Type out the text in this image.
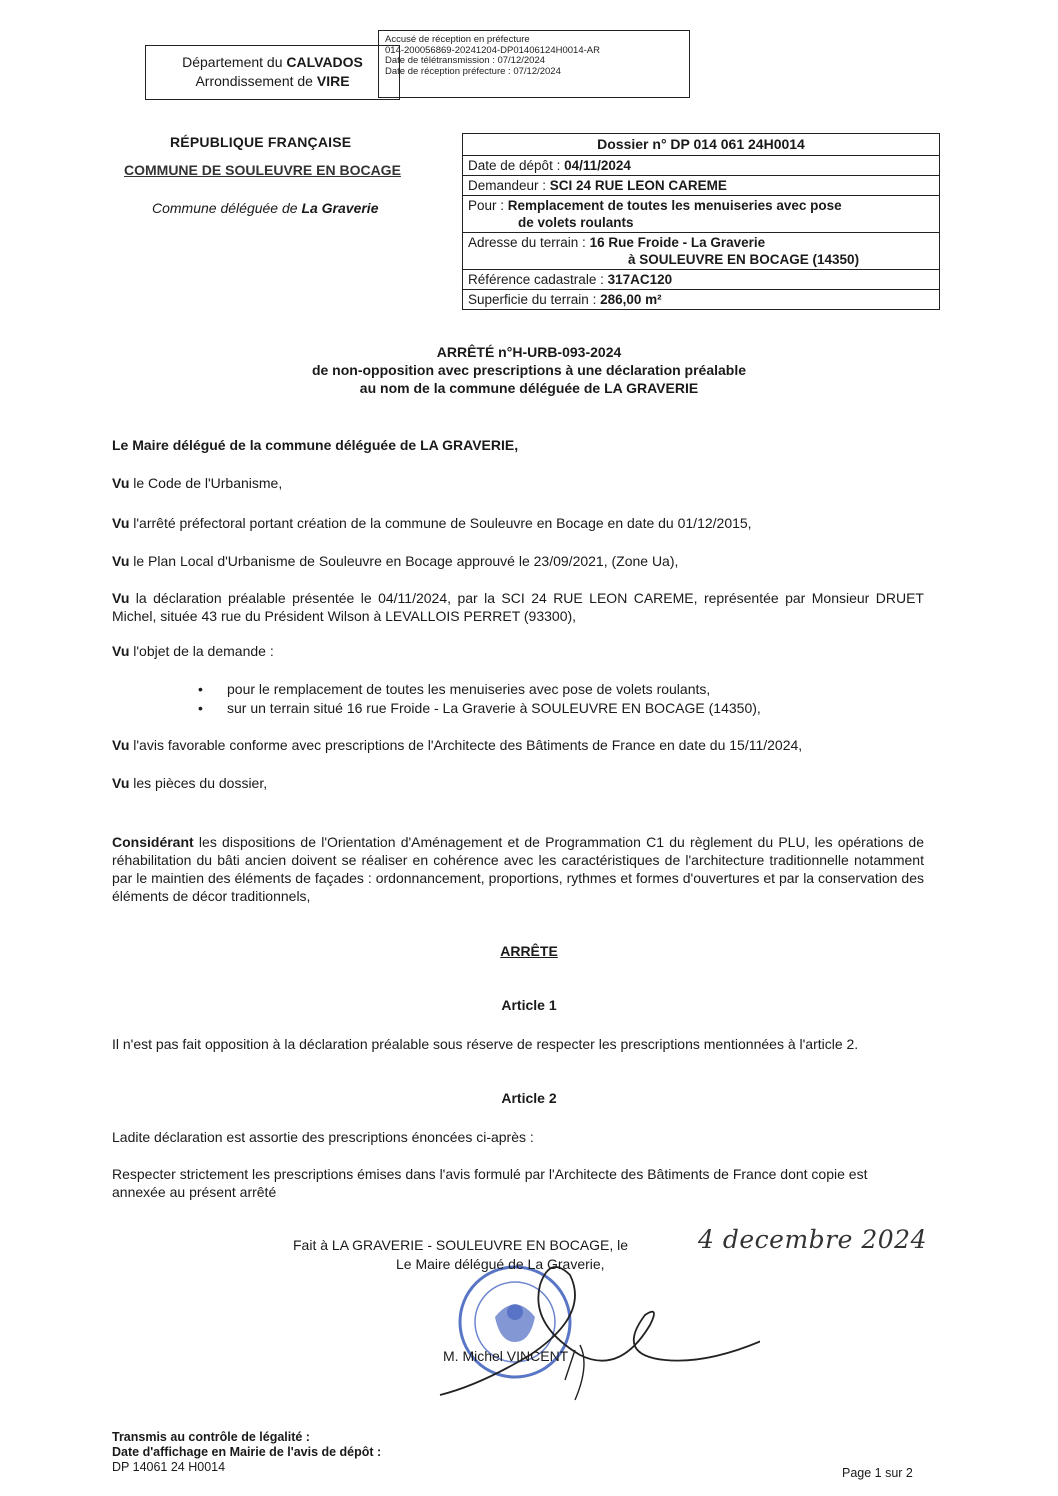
Accusé de réception en préfecture
014-200056869-20241204-DP01406124H0014-AR
Date de télétransmission : 07/12/2024
Date de réception préfecture : 07/12/2024
Département du CALVADOS
Arrondissement de VIRE
RÉPUBLIQUE FRANÇAISE
COMMUNE DE SOULEUVRE EN BOCAGE
Commune déléguée de La Graverie
Dossier n° DP 014 061 24H0014
Date de dépôt : 04/11/2024
Demandeur : SCI 24 RUE LEON CAREME
Pour : Remplacement de toutes les menuiseries avec pose
de volets roulants
Adresse du terrain : 16 Rue Froide - La Graverie
à SOULEUVRE EN BOCAGE (14350)
Référence cadastrale : 317AC120
Superficie du terrain : 286,00 m²
ARRÊTÉ n°H-URB-093-2024
de non-opposition avec prescriptions à une déclaration préalable
au nom de la commune déléguée de LA GRAVERIE
Le Maire délégué de la commune déléguée de LA GRAVERIE,
Vu le Code de l'Urbanisme,
Vu l'arrêté préfectoral portant création de la commune de Souleuvre en Bocage en date du 01/12/2015,
Vu le Plan Local d'Urbanisme de Souleuvre en Bocage approuvé le 23/09/2021, (Zone Ua),
Vu la déclaration préalable présentée le 04/11/2024, par la SCI 24 RUE LEON CAREME, représentée par Monsieur DRUET Michel, située 43 rue du Président Wilson à LEVALLOIS PERRET (93300),
Vu l'objet de la demande :
• pour le remplacement de toutes les menuiseries avec pose de volets roulants,
• sur un terrain situé 16 rue Froide - La Graverie à SOULEUVRE EN BOCAGE (14350),
Vu l'avis favorable conforme avec prescriptions de l'Architecte des Bâtiments de France en date du 15/11/2024,
Vu les pièces du dossier,
Considérant les dispositions de l'Orientation d'Aménagement et de Programmation C1 du règlement du PLU, les opérations de réhabilitation du bâti ancien doivent se réaliser en cohérence avec les caractéristiques de l'architecture traditionnelle notamment par le maintien des éléments de façades : ordonnancement, proportions, rythmes et formes d'ouvertures et par la conservation des éléments de décor traditionnels,
ARRÊTE
Article 1
Il n'est pas fait opposition à la déclaration préalable sous réserve de respecter les prescriptions mentionnées à l'article 2.
Article 2
Ladite déclaration est assortie des prescriptions énoncées ci-après :
Respecter strictement les prescriptions émises dans l'avis formulé par l'Architecte des Bâtiments de France dont copie est annexée au présent arrêté
Fait à LA GRAVERIE - SOULEUVRE EN BOCAGE, le	4 decembre 2024
Le Maire délégué de La Graverie,
M. Michel VINCENT
Transmis au contrôle de légalité :
Date d'affichage en Mairie de l'avis de dépôt :
DP 14061 24 H0014	Page 1 sur 2
